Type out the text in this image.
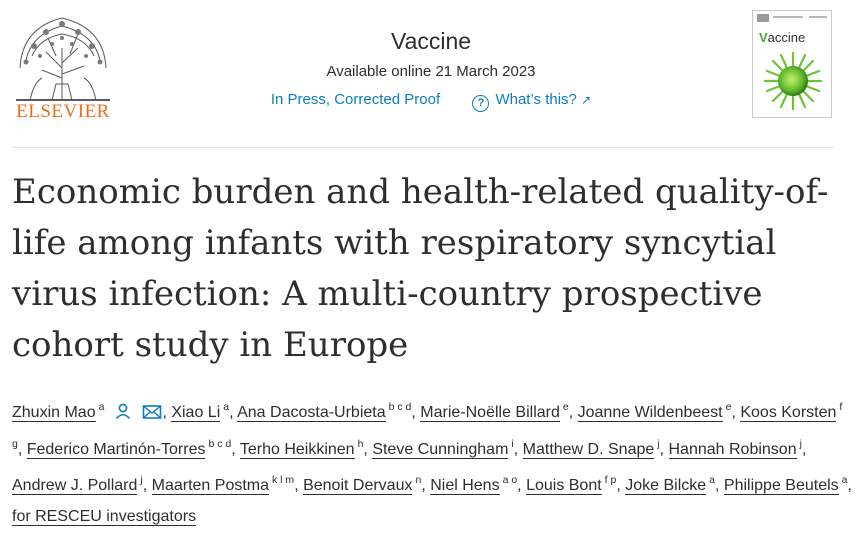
ELSEVIER
Vaccine
Available online 21 March 2023
In Press, Corrected Proof	? What’s this? ↗
Vaccine
Economic burden and health-related quality-of-life among infants with respiratory syncytial virus infection: A multi-country prospective cohort study in Europe
Zhuxin Mao $^a$	, Xiao Li $^a$, Ana Dacosta-Urbieta $^{b c d}$, Marie-Noëlle Billard $^e$, Joanne Wildenbeest $^e$, Koos Korsten $^{f g}$, Federico Martinón-Torres $^{b c d}$, Terho Heikkinen $^h$, Steve Cunningham $^i$, Matthew D. Snape $^j$, Hannah Robinson $^j$, Andrew J. Pollard $^j$, Maarten Postma $^{k l m}$, Benoit Dervaux $^n$, Niel Hens $^{a o}$, Louis Bont $^{f p}$, Joke Bilcke $^a$, Philippe Beutels $^a$, for RESCEU investigators
